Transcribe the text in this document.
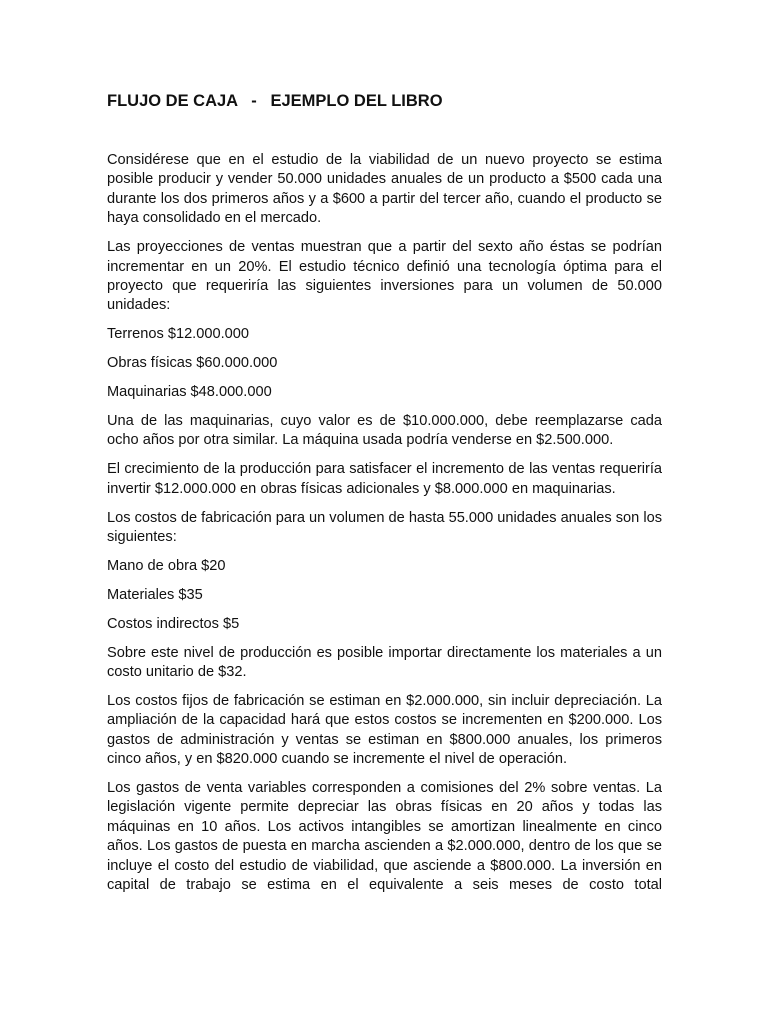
FLUJO DE CAJA   -   EJEMPLO DEL LIBRO

Considérese que en el estudio de la viabilidad de un nuevo proyecto se estima posible producir y vender 50.000 unidades anuales de un producto a $500 cada una durante los dos primeros años y a $600 a partir del tercer año, cuando el producto se haya consolidado en el mercado.

Las proyecciones de ventas muestran que a partir del sexto año éstas se podrían incrementar en un 20%. El estudio técnico definió una tecnología óptima para el proyecto que requeriría las siguientes inversiones para un volumen de 50.000 unidades:

Terrenos $12.000.000

Obras físicas $60.000.000

Maquinarias $48.000.000

Una de las maquinarias, cuyo valor es de $10.000.000, debe reemplazarse cada ocho años por otra similar. La máquina usada podría venderse en $2.500.000.

El crecimiento de la producción para satisfacer el incremento de las ventas requeriría invertir $12.000.000 en obras físicas adicionales y $8.000.000 en maquinarias.

Los costos de fabricación para un volumen de hasta 55.000 unidades anuales son los siguientes:

Mano de obra $20

Materiales $35

Costos indirectos $5

Sobre este nivel de producción es posible importar directamente los materiales a un costo unitario de $32.

Los costos fijos de fabricación se estiman en $2.000.000, sin incluir depreciación. La ampliación de la capacidad hará que estos costos se incrementen en $200.000. Los gastos de administración y ventas se estiman en $800.000 anuales, los primeros cinco años, y en $820.000 cuando se incremente el nivel de operación.

Los gastos de venta variables corresponden a comisiones del 2% sobre ventas. La legislación vigente permite depreciar las obras físicas en 20 años y todas las máquinas en 10 años. Los activos intangibles se amortizan linealmente en cinco años. Los gastos de puesta en marcha ascienden a $2.000.000, dentro de los que se incluye el costo del estudio de viabilidad, que asciende a $800.000. La inversión en capital de trabajo se estima en el equivalente a seis meses de costo total
